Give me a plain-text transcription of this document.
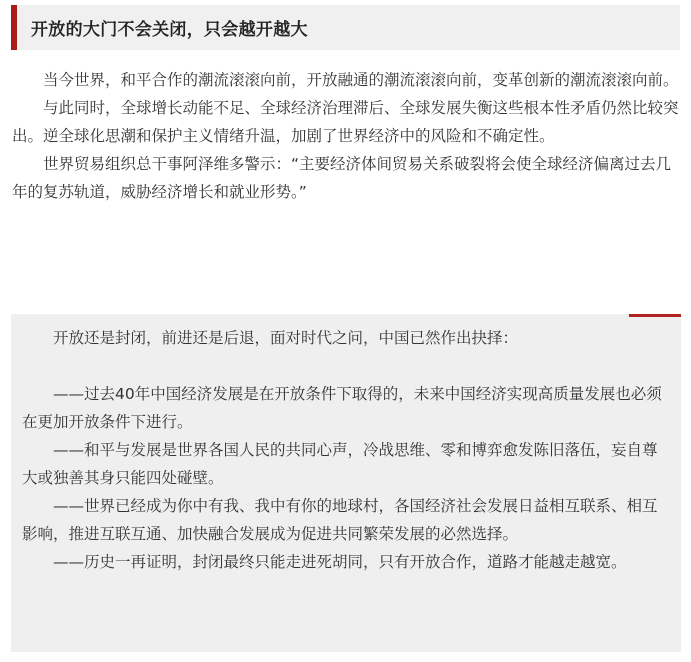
开放的大门不会关闭，只会越开越大

当今世界，和平合作的潮流滚滚向前，开放融通的潮流滚滚向前，变革创新的潮流滚滚向前。

与此同时，全球增长动能不足、全球经济治理滞后、全球发展失衡这些根本性矛盾仍然比较突出。逆全球化思潮和保护主义情绪升温，加剧了世界经济中的风险和不确定性。

世界贸易组织总干事阿泽维多警示：“主要经济体间贸易关系破裂将会使全球经济偏离过去几年的复苏轨道，威胁经济增长和就业形势。”

开放还是封闭，前进还是后退，面对时代之问，中国已然作出抉择：

——过去40年中国经济发展是在开放条件下取得的，未来中国经济实现高质量发展也必须在更加开放条件下进行。

——和平与发展是世界各国人民的共同心声，冷战思维、零和博弈愈发陈旧落伍，妄自尊大或独善其身只能四处碰壁。

——世界已经成为你中有我、我中有你的地球村，各国经济社会发展日益相互联系、相互影响，推进互联互通、加快融合发展成为促进共同繁荣发展的必然选择。

——历史一再证明，封闭最终只能走进死胡同，只有开放合作，道路才能越走越宽。
